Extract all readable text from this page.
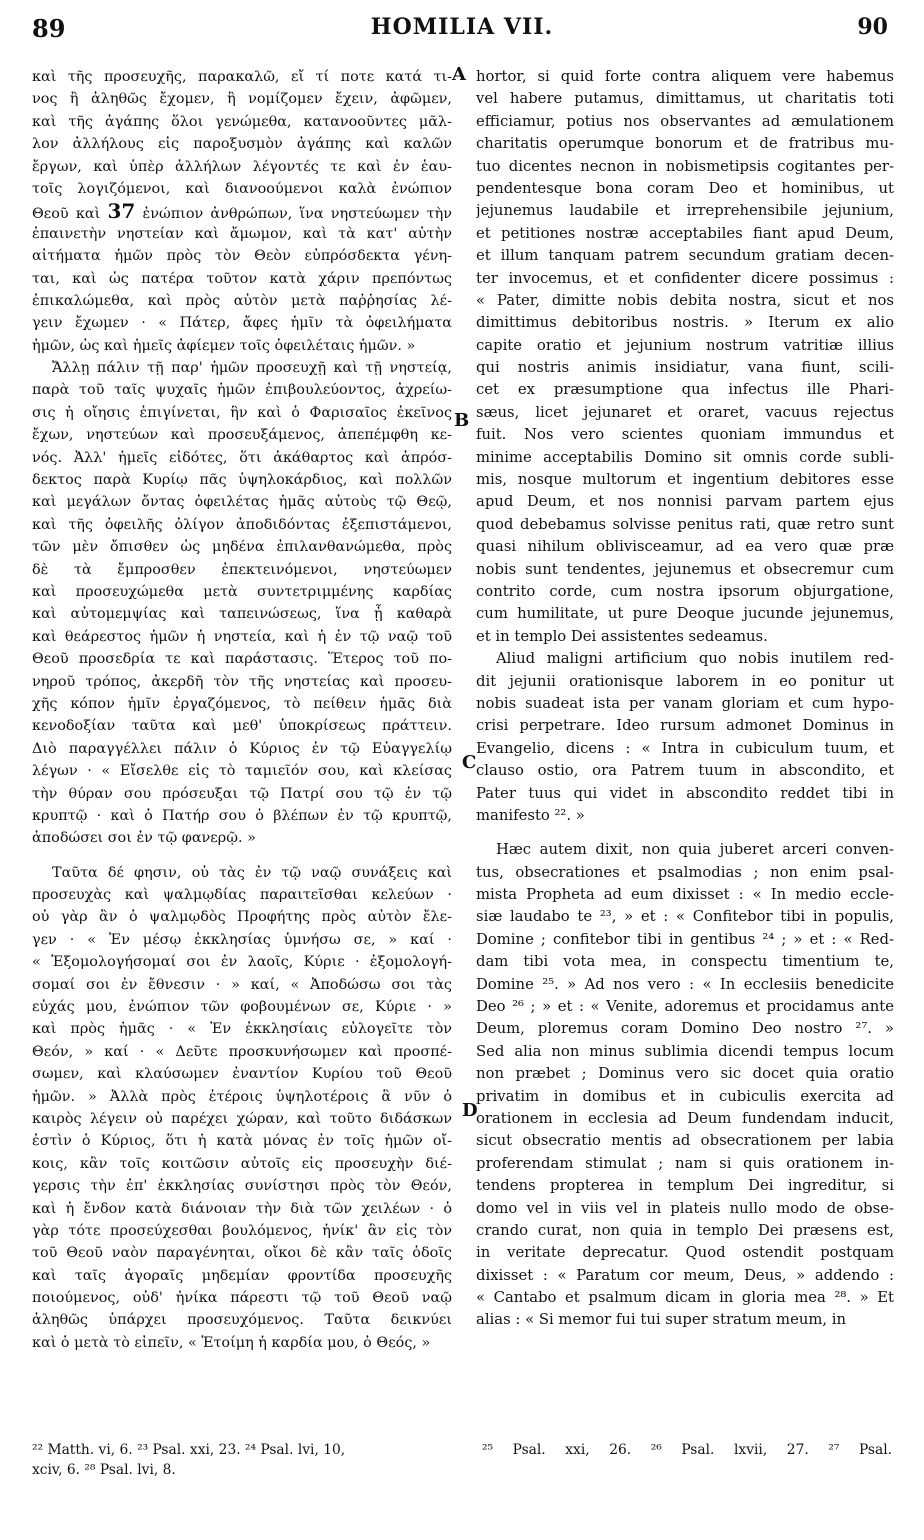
89	HOMILIA VII.	90
καὶ τῆς προσευχῆς, παρακαλῶ, εἴ τί ποτε κατά τι-
νος ἢ ἀληθῶς ἔχομεν, ἢ νομίζομεν ἔχειν, ἀφῶμεν,
καὶ τῆς ἀγάπης ὅλοι γενώμεθα, κατανοοῦντες μᾶλ-
λον ἀλλήλους εἰς παροξυσμὸν ἀγάπης καὶ καλῶν
ἔργων, καὶ ὑπὲρ ἀλλήλων λέγοντές τε καὶ ἐν ἑαυ-
τοῖς λογιζόμενοι, καὶ διανοούμενοι καλὰ ἐνώπιον
Θεοῦ καὶ 37 ἐνώπιον ἀνθρώπων, ἵνα νηστεύωμεν τὴν
ἐπαινετὴν νηστείαν καὶ ἄμωμον, καὶ τὰ κατ' αὐτὴν
αἰτήματα ἡμῶν πρὸς τὸν Θεὸν εὐπρόσδεκτα γένη-
ται, καὶ ὡς πατέρα τοῦτον κατὰ χάριν πρεπόντως
ἐπικαλώμεθα, καὶ πρὸς αὐτὸν μετὰ παῤῥησίας λέ-
γειν ἔχωμεν · « Πάτερ, ἄφες ἡμῖν τὰ ὀφειλήματα
ἡμῶν, ὡς καὶ ἡμεῖς ἀφίεμεν τοῖς ὀφειλέταις ἡμῶν. »
Ἄλλῃ πάλιν τῇ παρ' ἡμῶν προσευχῇ καὶ τῇ νηστείᾳ,
παρὰ τοῦ ταῖς ψυχαῖς ἡμῶν ἐπιβουλεύοντος, ἀχρείω-
σις ἡ οἴησις ἐπιγίνεται, ἣν καὶ ὁ Φαρισαῖος ἐκεῖνος
ἔχων, νηστεύων καὶ προσευξάμενος, ἀπεπέμφθη κε-
νός. Ἀλλ' ἡμεῖς εἰδότες, ὅτι ἀκάθαρτος καὶ ἀπρόσ-
δεκτος παρὰ Κυρίῳ πᾶς ὑψηλοκάρδιος, καὶ πολλῶν
καὶ μεγάλων ὄντας ὀφειλέτας ἡμᾶς αὐτοὺς τῷ Θεῷ,
καὶ τῆς ὀφειλῆς ὀλίγον ἀποδιδόντας ἐξεπιστάμενοι,
τῶν μὲν ὄπισθεν ὡς μηδένα ἐπιλανθανώμεθα, πρὸς
δὲ τὰ ἔμπροσθεν ἐπεκτεινόμενοι, νηστεύωμεν
καὶ προσευχώμεθα μετὰ συντετριμμένης καρδίας
καὶ αὐτομεμψίας καὶ ταπεινώσεως, ἵνα ᾖ καθαρὰ
καὶ θεάρεστος ἡμῶν ἡ νηστεία, καὶ ἡ ἐν τῷ ναῷ τοῦ
Θεοῦ προσεδρία τε καὶ παράστασις. Ἕτερος τοῦ πο-
νηροῦ τρόπος, ἀκερδῆ τὸν τῆς νηστείας καὶ προσευ-
χῆς κόπον ἡμῖν ἐργαζόμενος, τὸ πείθειν ἡμᾶς διὰ
κενοδοξίαν ταῦτα καὶ μεθ' ὑποκρίσεως πράττειν.
Διὸ παραγγέλλει πάλιν ὁ Κύριος ἐν τῷ Εὐαγγελίῳ
λέγων · « Εἴσελθε εἰς τὸ ταμιεῖόν σου, καὶ κλείσας
τὴν θύραν σου πρόσευξαι τῷ Πατρί σου τῷ ἐν τῷ
κρυπτῷ · καὶ ὁ Πατήρ σου ὁ βλέπων ἐν τῷ κρυπτῷ,
ἀποδώσει σοι ἐν τῷ φανερῷ. »
Ταῦτα δέ φησιν, οὐ τὰς ἐν τῷ ναῷ συνάξεις καὶ
προσευχὰς καὶ ψαλμῳδίας παραιτεῖσθαι κελεύων ·
οὐ γὰρ ἂν ὁ ψαλμῳδὸς Προφήτης πρὸς αὐτὸν ἔλε-
γεν · « Ἐν μέσῳ ἐκκλησίας ὑμνήσω σε, » καί ·
« Ἐξομολογήσομαί σοι ἐν λαοῖς, Κύριε · ἐξομολογή-
σομαί σοι ἐν ἔθνεσιν · » καί, « Ἀποδώσω σοι τὰς
εὐχάς μου, ἐνώπιον τῶν φοβουμένων σε, Κύριε · »
καὶ πρὸς ἡμᾶς · « Ἐν ἐκκλησίαις εὐλογεῖτε τὸν
Θεόν, » καί · « Δεῦτε προσκυνήσωμεν καὶ προσπέ-
σωμεν, καὶ κλαύσωμεν ἐναντίον Κυρίου τοῦ Θεοῦ
ἡμῶν. » Ἀλλὰ πρὸς ἑτέροις ὑψηλοτέροις ἃ νῦν ὁ
καιρὸς λέγειν οὐ παρέχει χώραν, καὶ τοῦτο διδάσκων
ἐστὶν ὁ Κύριος, ὅτι ἡ κατὰ μόνας ἐν τοῖς ἡμῶν οἴ-
κοις, κἂν τοῖς κοιτῶσιν αὐτοῖς εἰς προσευχὴν διέ-
γερσις τὴν ἐπ' ἐκκλησίας συνίστησι πρὸς τὸν Θεόν,
καὶ ἡ ἔνδον κατὰ διάνοιαν τὴν διὰ τῶν χειλέων · ὁ
γὰρ τότε προσεύχεσθαι βουλόμενος, ἡνίκ' ἂν εἰς τὸν
τοῦ Θεοῦ ναὸν παραγένηται, οἴκοι δὲ κἂν ταῖς ὁδοῖς
καὶ ταῖς ἀγοραῖς μηδεμίαν φροντίδα προσευχῆς
ποιούμενος, οὐδ' ἡνίκα πάρεστι τῷ τοῦ Θεοῦ ναῷ
ἀληθῶς ὑπάρχει προσευχόμενος. Ταῦτα δεικνύει
καὶ ὁ μετὰ τὸ εἰπεῖν, « Ἑτοίμη ἡ καρδία μου, ὁ Θεός, »
hortor, si quid forte contra aliquem vere habemus
vel habere putamus, dimittamus, ut charitatis toti
efficiamur, potius nos observantes ad æmulationem
charitatis operumque bonorum et de fratribus mu-
tuo dicentes necnon in nobismetipsis cogitantes per-
pendentesque bona coram Deo et hominibus, ut
jejunemus laudabile et irreprehensibile jejunium,
et petitiones nostræ acceptabiles fiant apud Deum,
et illum tanquam patrem secundum gratiam decen-
ter invocemus, et et confidenter dicere possimus :
« Pater, dimitte nobis debita nostra, sicut et nos
dimittimus debitoribus nostris. » Iterum ex alio
capite oratio et jejunium nostrum vatritiæ illius
qui nostris animis insidiatur, vana fiunt, scili-
cet ex præsumptione qua infectus ille Phari-
sæus, licet jejunaret et oraret, vacuus rejectus
fuit. Nos vero scientes quoniam immundus et
minime acceptabilis Domino sit omnis corde subli-
mis, nosque multorum et ingentium debitores esse
apud Deum, et nos nonnisi parvam partem ejus
quod debebamus solvisse penitus rati, quæ retro sunt
quasi nihilum oblivisceamur, ad ea vero quæ præ
nobis sunt tendentes, jejunemus et obsecremur cum
contrito corde, cum nostra ipsorum objurgatione,
cum humilitate, ut pure Deoque jucunde jejunemus,
et in templo Dei assistentes sedeamus.
Aliud maligni artificium quo nobis inutilem red-
dit jejunii orationisque laborem in eo ponitur ut
nobis suadeat ista per vanam gloriam et cum hypo-
crisi perpetrare. Ideo rursum admonet Dominus in
Evangelio, dicens : « Intra in cubiculum tuum, et
clauso ostio, ora Patrem tuum in abscondito, et
Pater tuus qui videt in abscondito reddet tibi in
manifesto ²². »
Hæc autem dixit, non quia juberet arceri conven-
tus, obsecrationes et psalmodias ; non enim psal-
mista Propheta ad eum dixisset : « In medio eccle-
siæ laudabo te ²³, » et : « Confitebor tibi in populis,
Domine ; confitebor tibi in gentibus ²⁴ ; » et : « Red-
dam tibi vota mea, in conspectu timentium te,
Domine ²⁵. » Ad nos vero : « In ecclesiis benedicite
Deo ²⁶ ; » et : « Venite, adoremus et procidamus ante
Deum, ploremus coram Domino Deo nostro ²⁷. »
Sed alia non minus sublimia dicendi tempus locum
non præbet ; Dominus vero sic docet quia oratio
privatim in domibus et in cubiculis exercita ad
orationem in ecclesia ad Deum fundendam inducit,
sicut obsecratio mentis ad obsecrationem per labia
proferendam stimulat ; nam si quis orationem in-
tendens propterea in templum Dei ingreditur, si
domo vel in viis vel in plateis nullo modo de obse-
crando curat, non quia in templo Dei præsens est,
in veritate deprecatur. Quod ostendit postquam
dixisset : « Paratum cor meum, Deus, » addendo :
« Cantabo et psalmum dicam in gloria mea ²⁸. » Et
alias : « Si memor fui tui super stratum meum, in
A
B
C
D
²² Matth. vi, 6. ²³ Psal. xxi, 23. ²⁴ Psal. lvi, 10,	²⁵ Psal. xxi, 26. ²⁶ Psal. lxvii, 27. ²⁷ Psal.
xciv, 6. ²⁸ Psal. lvi, 8.
